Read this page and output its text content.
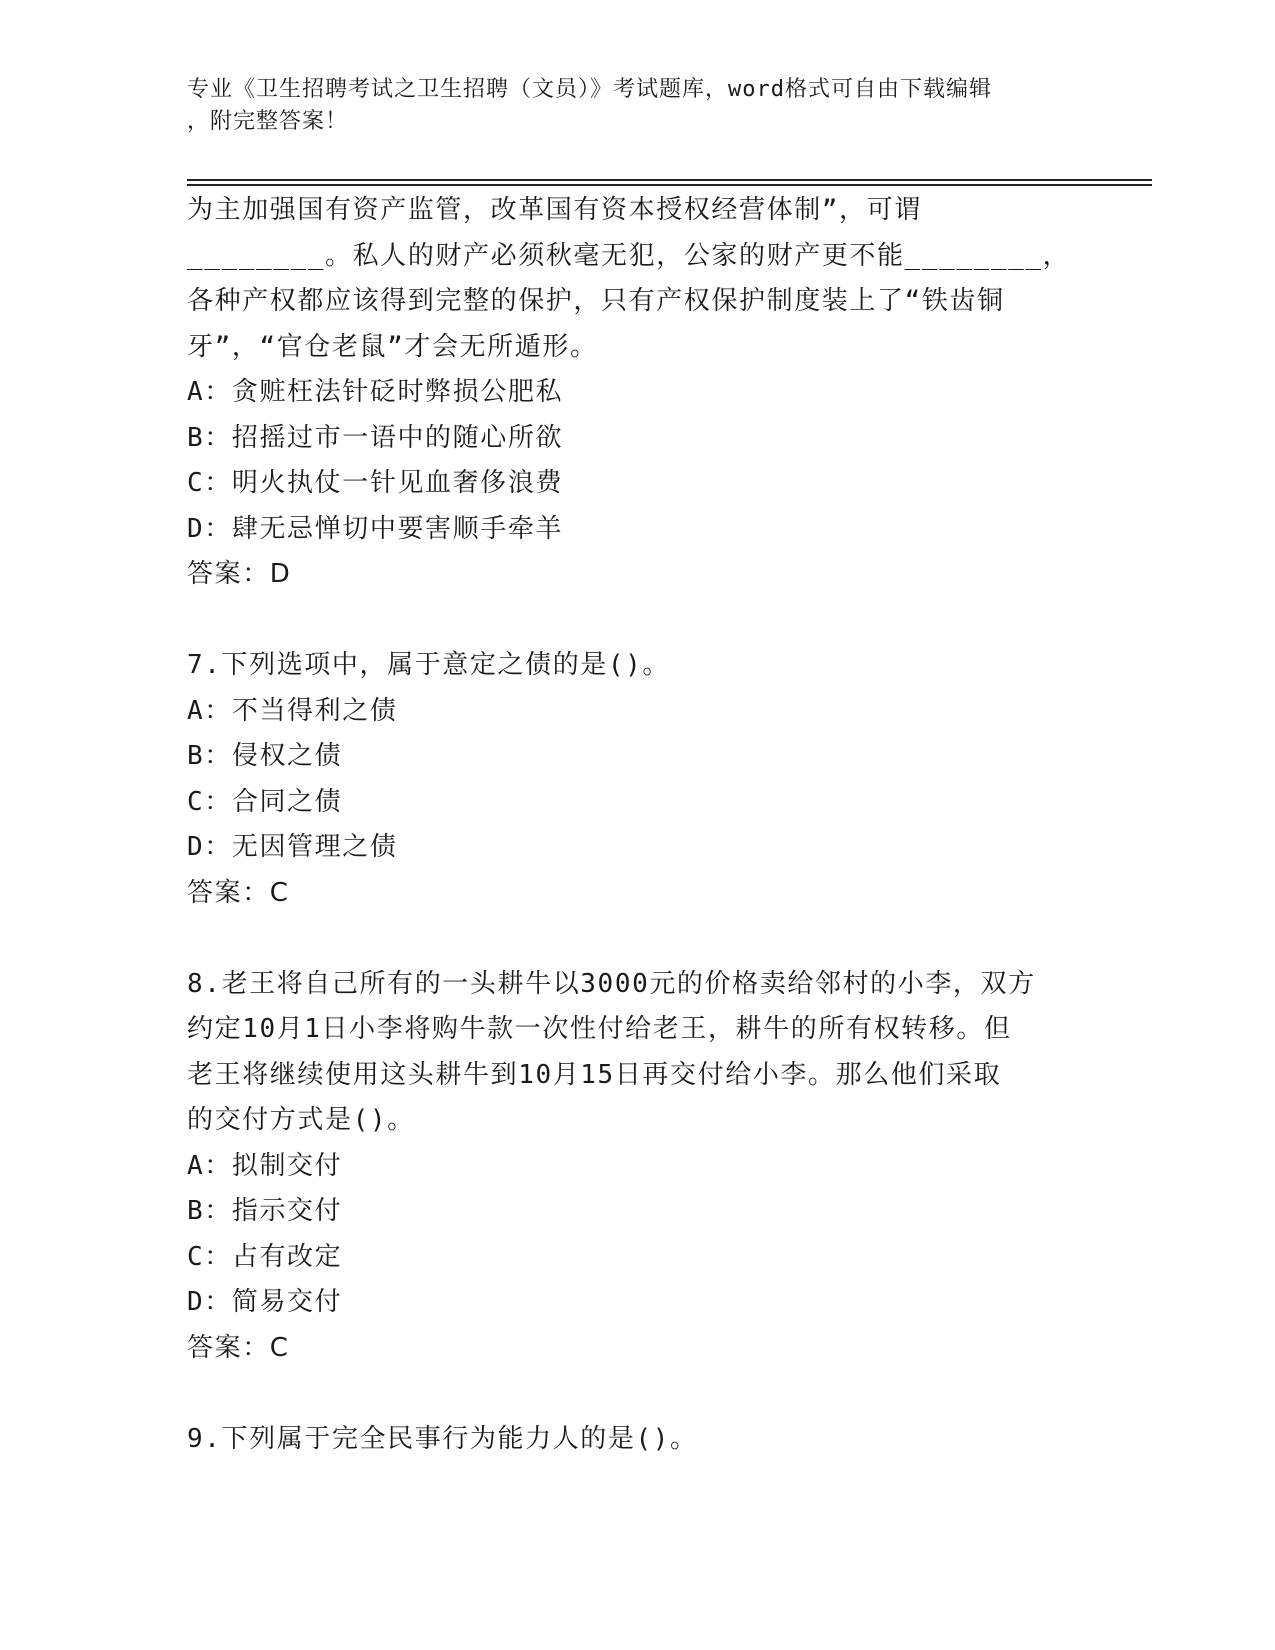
专业《卫生招聘考试之卫生招聘（文员）》考试题库，word格式可自由下载编辑
，附完整答案！
为主加强国有资产监管，改革国有资本授权经营体制”，可谓
________。私人的财产必须秋毫无犯，公家的财产更不能________，
各种产权都应该得到完整的保护，只有产权保护制度装上了“铁齿铜
牙”，“官仓老鼠”才会无所遁形。
A：贪赃枉法针砭时弊损公肥私
B：招摇过市一语中的随心所欲
C：明火执仗一针见血奢侈浪费
D：肆无忌惮切中要害顺手牵羊
答案：D
7.下列选项中，属于意定之债的是()。
A：不当得利之债
B：侵权之债
C：合同之债
D：无因管理之债
答案：C
8.老王将自己所有的一头耕牛以3000元的价格卖给邻村的小李，双方
约定10月1日小李将购牛款一次性付给老王，耕牛的所有权转移。但
老王将继续使用这头耕牛到10月15日再交付给小李。那么他们采取
的交付方式是()。
A：拟制交付
B：指示交付
C：占有改定
D：简易交付
答案：C
9.下列属于完全民事行为能力人的是()。
